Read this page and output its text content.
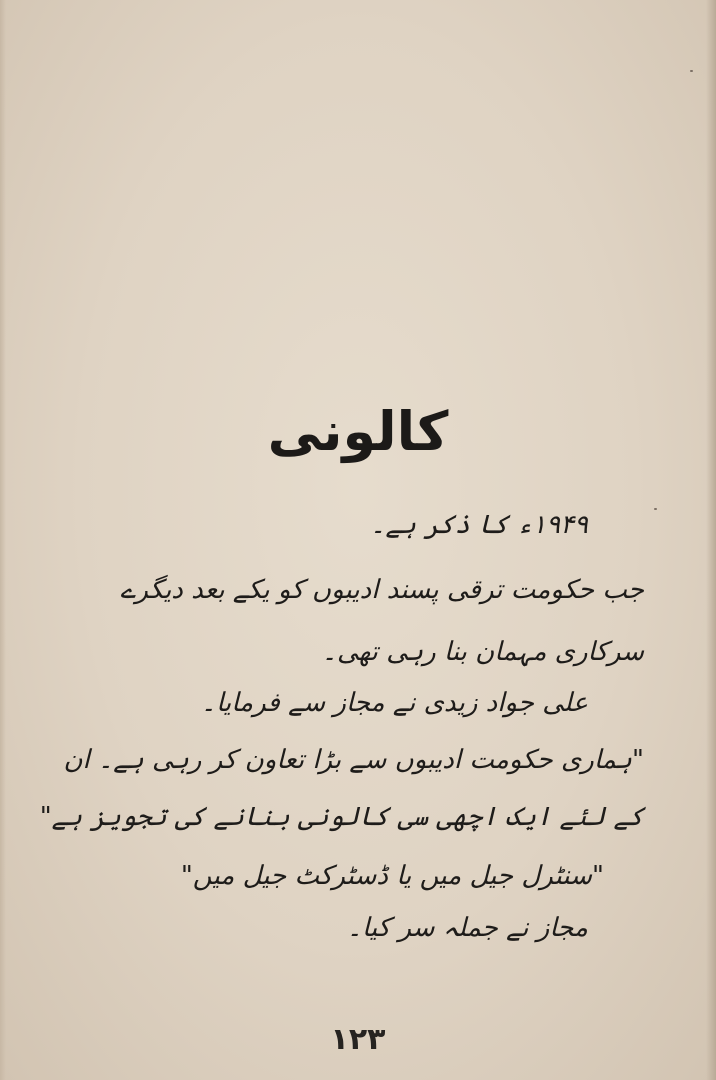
کالونی
۱۹۴۹ء کا ذکر ہے۔
جب حکومت ترقی پسند ادیبوں کو یکے بعد دیگرے
سرکاری مہمان بنا رہی تھی۔
علی جواد زیدی نے مجاز سے فرمایا۔
"ہماری حکومت ادیبوں سے بڑا تعاون کر رہی ہے۔ ان
کے لئے ایک اچھی سی کالونی بنانے کی تجویز ہے"
"سنٹرل جیل میں یا ڈسٹرکٹ جیل میں"
مجاز نے جملہ سر کیا۔
۱۲۳
